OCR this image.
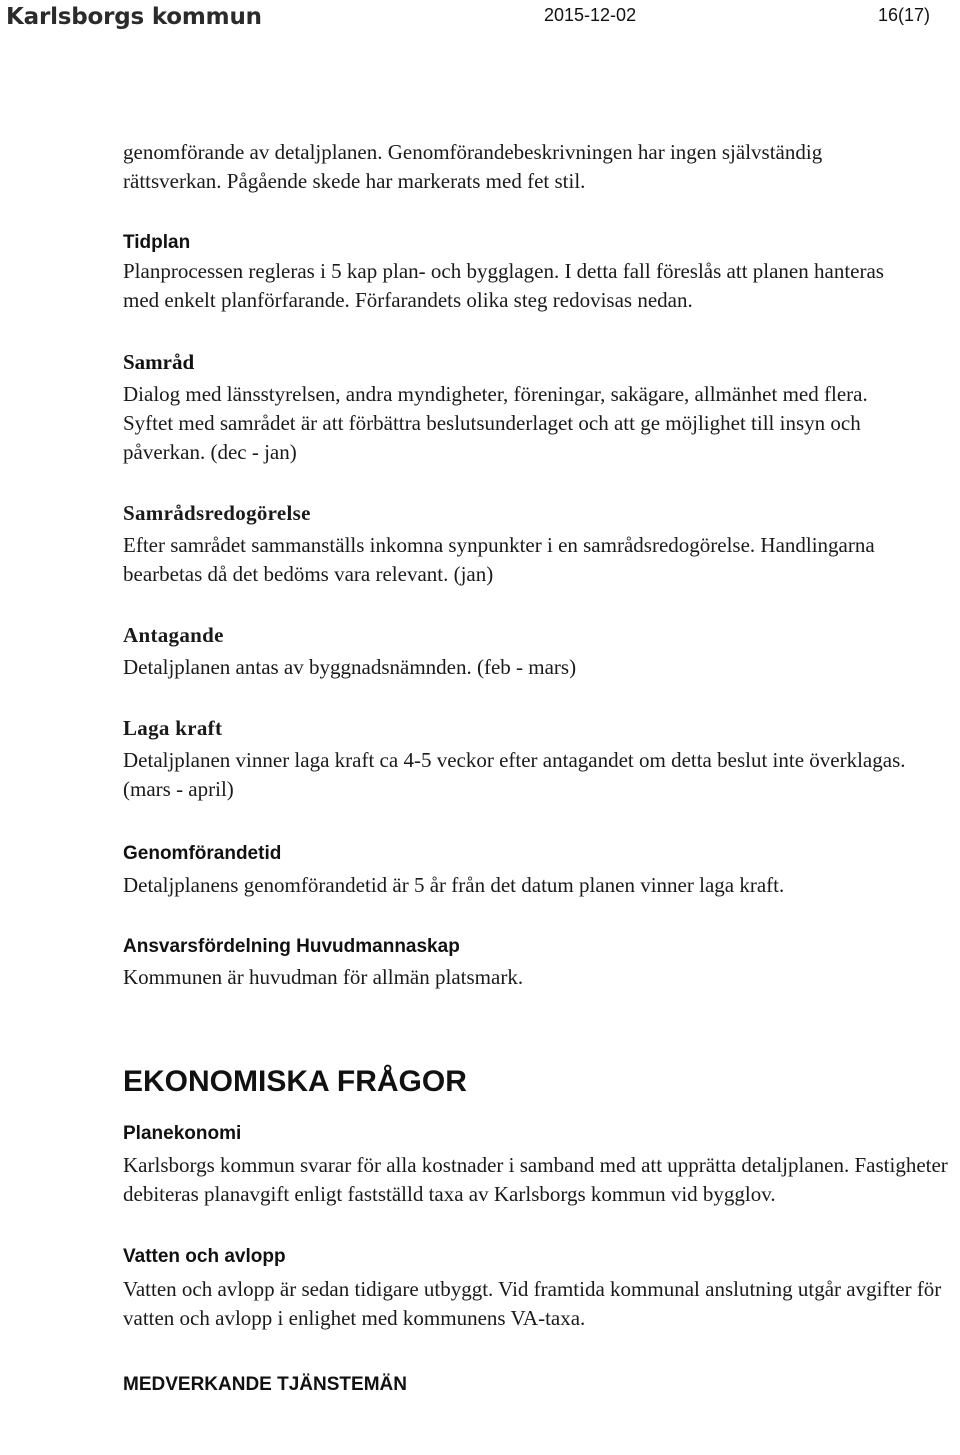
Karlsborgs kommun	2015-12-02	16(17)

genomförande av detaljplanen. Genomförandebeskrivningen har ingen självständig rättsverkan. Pågående skede har markerats med fet stil.

Tidplan

Planprocessen regleras i 5 kap plan- och bygglagen. I detta fall föreslås att planen hanteras med enkelt planförfarande. Förfarandets olika steg redovisas nedan.

Samråd

Dialog med länsstyrelsen, andra myndigheter, föreningar, sakägare, allmänhet med flera. Syftet med samrådet är att förbättra beslutsunderlaget och att ge möjlighet till insyn och påverkan. (dec - jan)

Samrådsredogörelse

Efter samrådet sammanställs inkomna synpunkter i en samrådsredogörelse. Handlingarna bearbetas då det bedöms vara relevant. (jan)

Antagande

Detaljplanen antas av byggnadsnämnden. (feb - mars)

Laga kraft

Detaljplanen vinner laga kraft ca 4-5 veckor efter antagandet om detta beslut inte överklagas. (mars - april)

Genomförandetid

Detaljplanens genomförandetid är 5 år från det datum planen vinner laga kraft.

Ansvarsfördelning Huvudmannaskap

Kommunen är huvudman för allmän platsmark.

EKONOMISKA FRÅGOR
Planekonomi

Karlsborgs kommun svarar för alla kostnader i samband med att upprätta detaljplanen. Fastigheter debiteras planavgift enligt fastställd taxa av Karlsborgs kommun vid bygglov.

Vatten och avlopp

Vatten och avlopp är sedan tidigare utbyggt. Vid framtida kommunal anslutning utgår avgifter för vatten och avlopp i enlighet med kommunens VA-taxa.

MEDVERKANDE TJÄNSTEMÄN
